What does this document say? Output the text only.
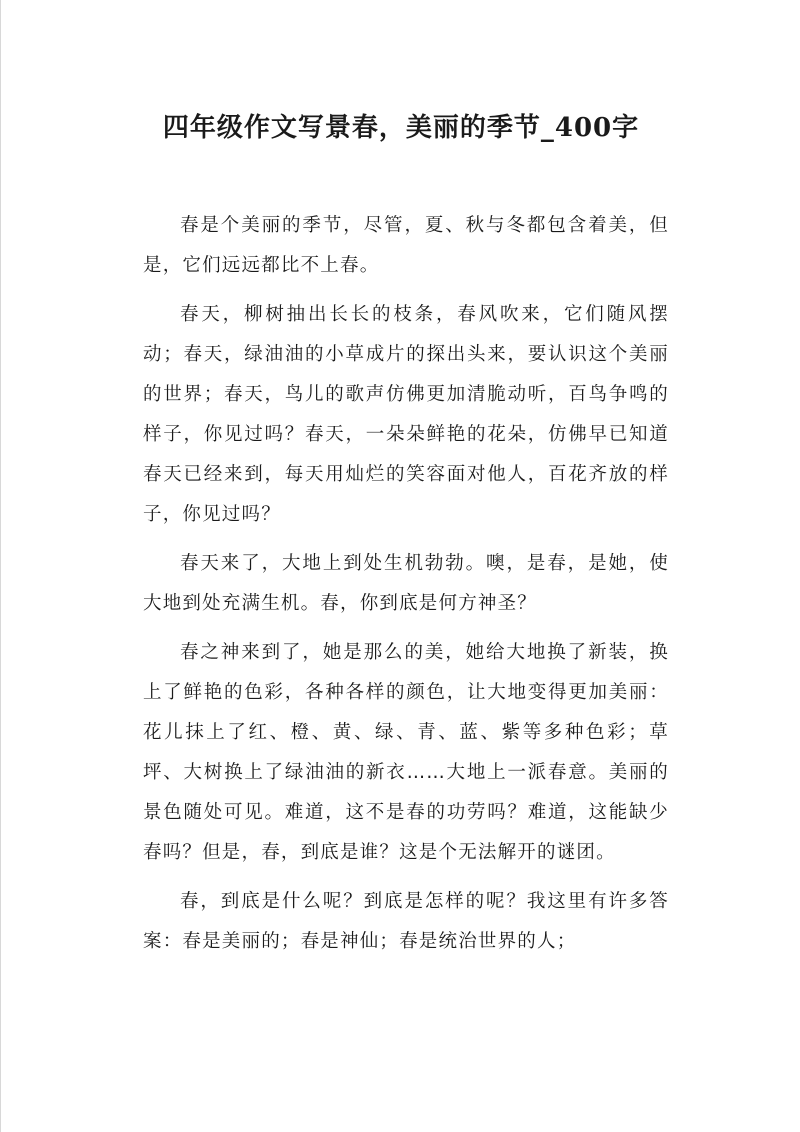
四年级作文写景春，美丽的季节_400字

春是个美丽的季节，尽管，夏、秋与冬都包含着美，但是，它们远远都比不上春。

春天，柳树抽出长长的枝条，春风吹来，它们随风摆动；春天，绿油油的小草成片的探出头来，要认识这个美丽的世界；春天，鸟儿的歌声仿佛更加清脆动听，百鸟争鸣的样子，你见过吗？春天，一朵朵鲜艳的花朵，仿佛早已知道春天已经来到，每天用灿烂的笑容面对他人，百花齐放的样子，你见过吗？

春天来了，大地上到处生机勃勃。噢，是春，是她，使大地到处充满生机。春，你到底是何方神圣？

春之神来到了，她是那么的美，她给大地换了新装，换上了鲜艳的色彩，各种各样的颜色，让大地变得更加美丽：花儿抹上了红、橙、黄、绿、青、蓝、紫等多种色彩；草坪、大树换上了绿油油的新衣……大地上一派春意。美丽的景色随处可见。难道，这不是春的功劳吗？难道，这能缺少春吗？但是，春，到底是谁？这是个无法解开的谜团。

春，到底是什么呢？到底是怎样的呢？我这里有许多答案：春是美丽的；春是神仙；春是统治世界的人；
